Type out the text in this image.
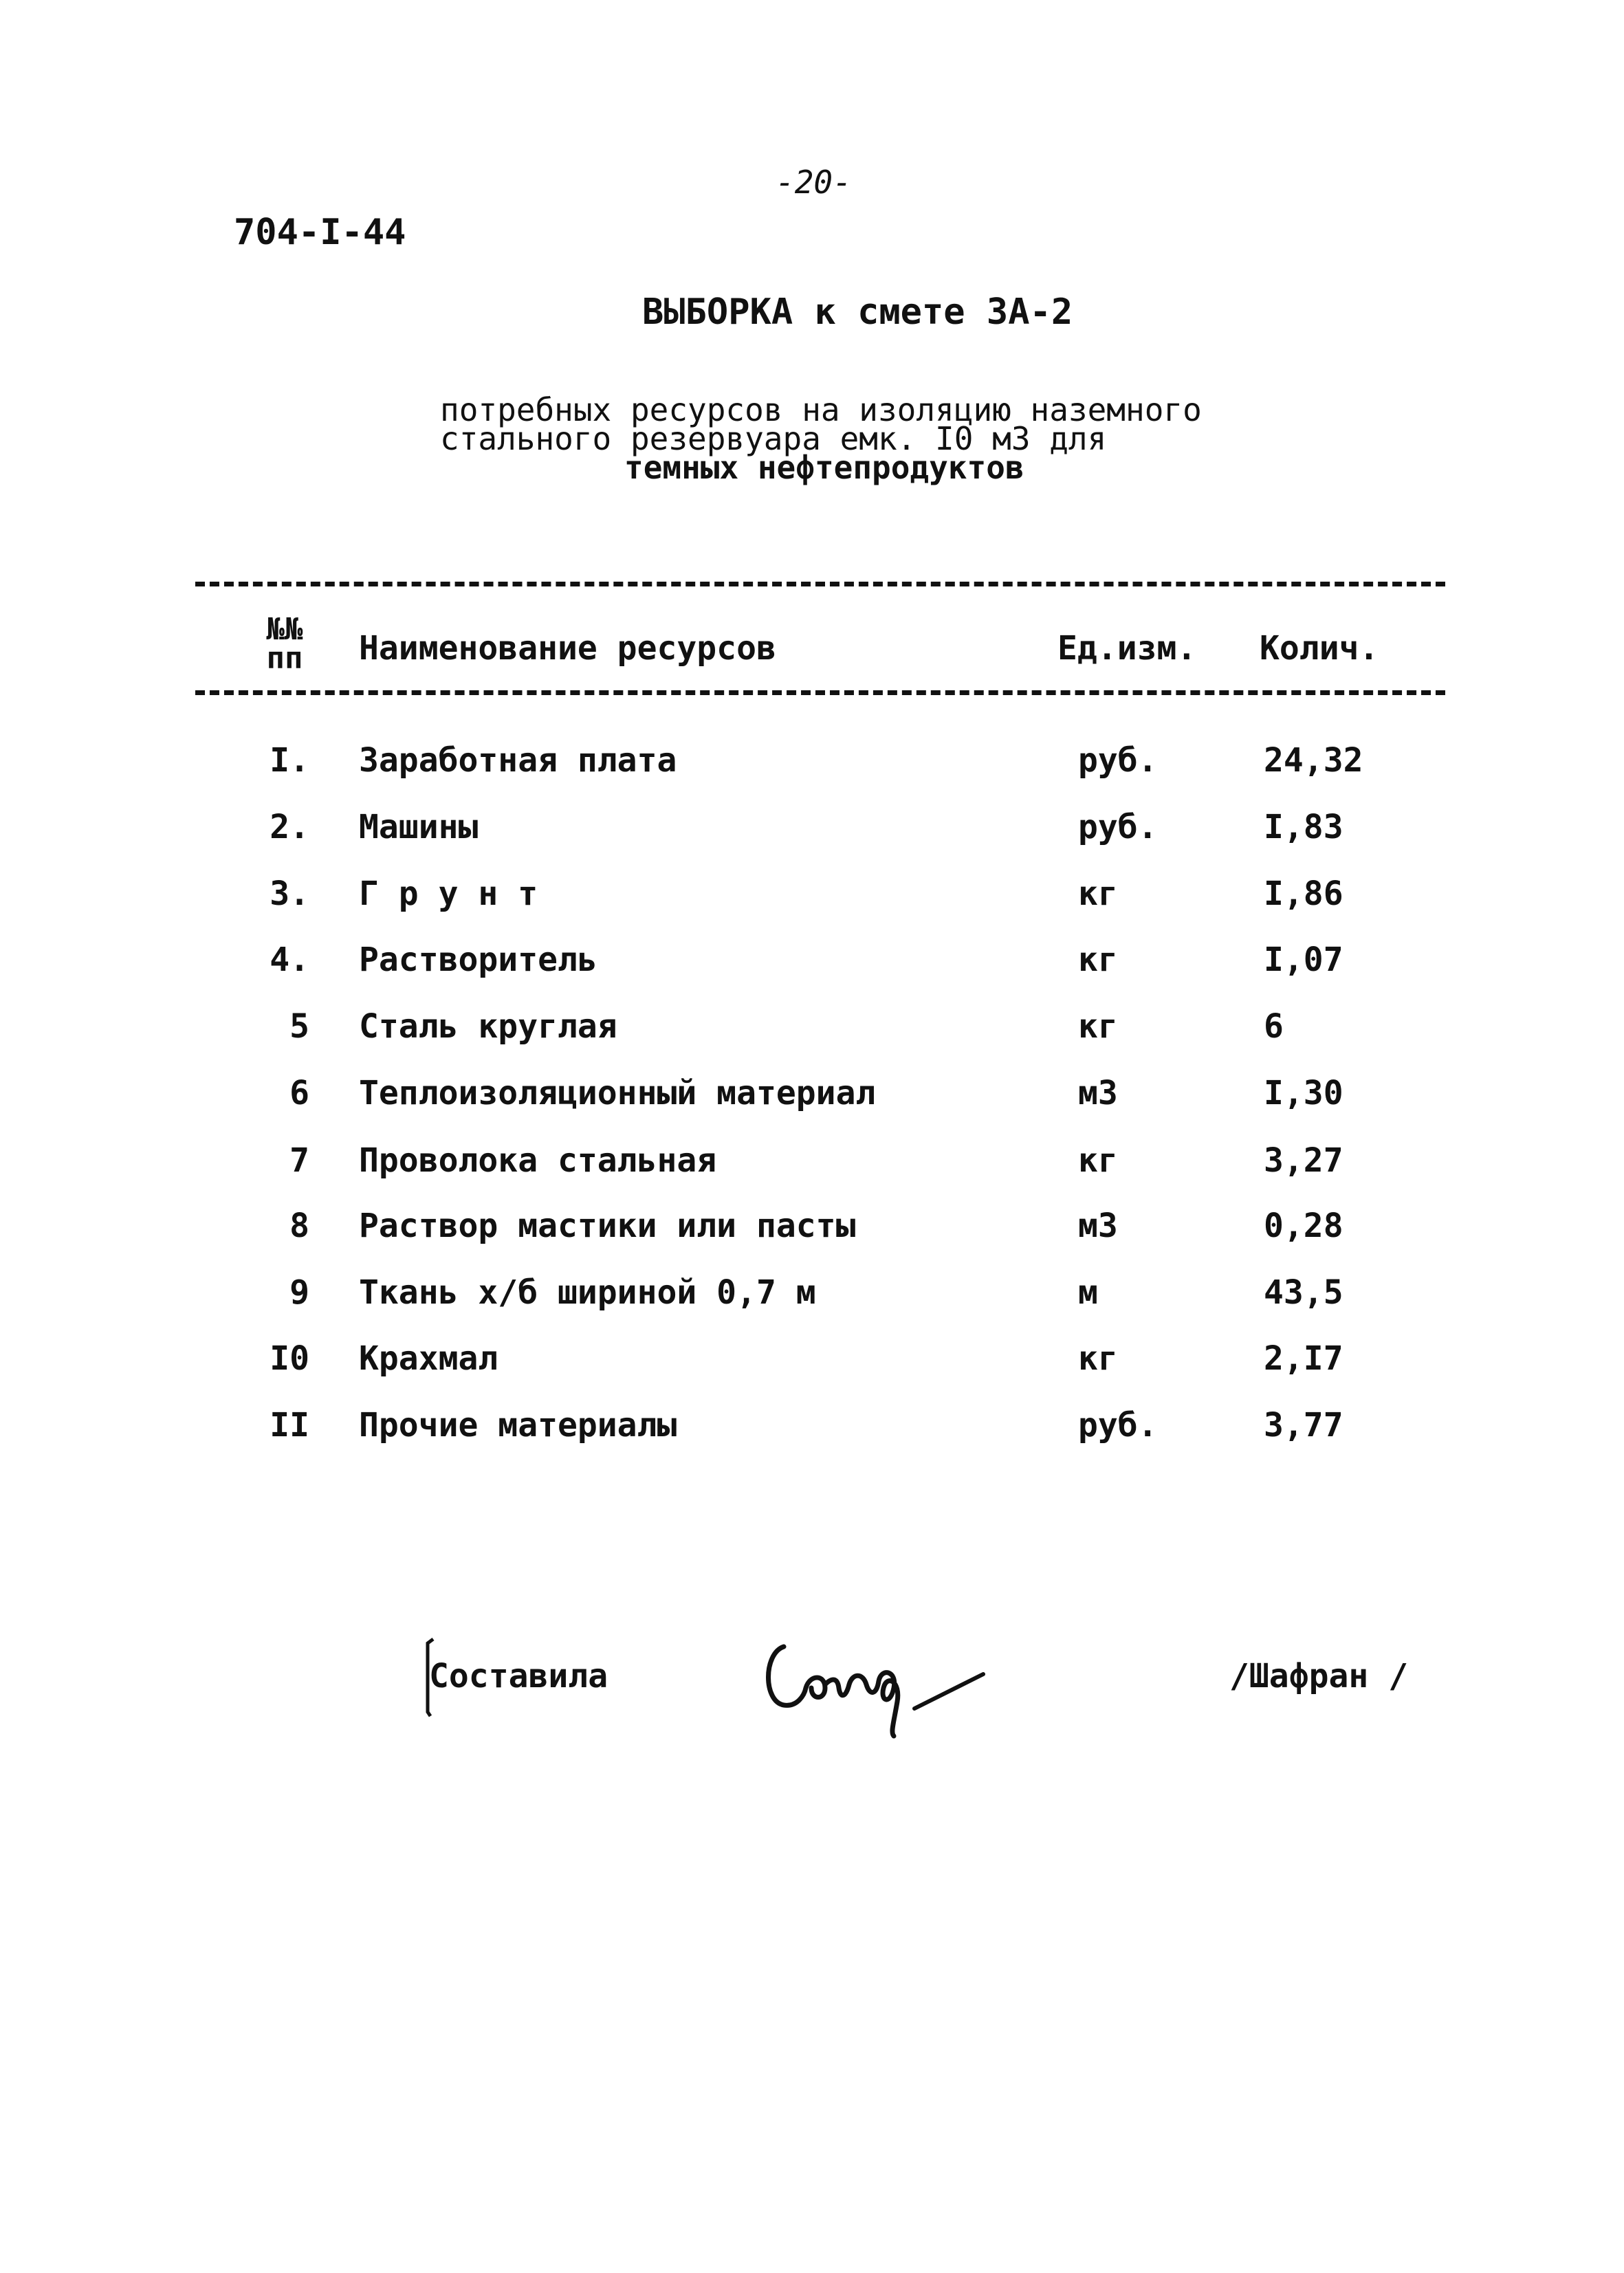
-20-
704-I-44
ВЫБОРКА к смете 3А-2
потребных ресурсов на изоляцию наземного
стального резервуара емк. I0 м3 для
темных нефтепродуктов
№№
пп Наименование ресурсов	Ед.изм. Колич.
I. Заработная плата	руб.	24,32
2. Машины	руб.	I,83
3. Г р у н т	кг	I,86
4. Растворитель	кг	I,07
5 Сталь круглая	кг	6
6 Теплоизоляционный материал	м3	I,30
7 Проволока стальная	кг	3,27
8 Раствор мастики или пасты	м3	0,28
9 Ткань х/б шириной 0,7 м	м	43,5
I0 Крахмал	кг	2,I7
II Прочие материалы	руб.	3,77
Составила	/Шафран /
